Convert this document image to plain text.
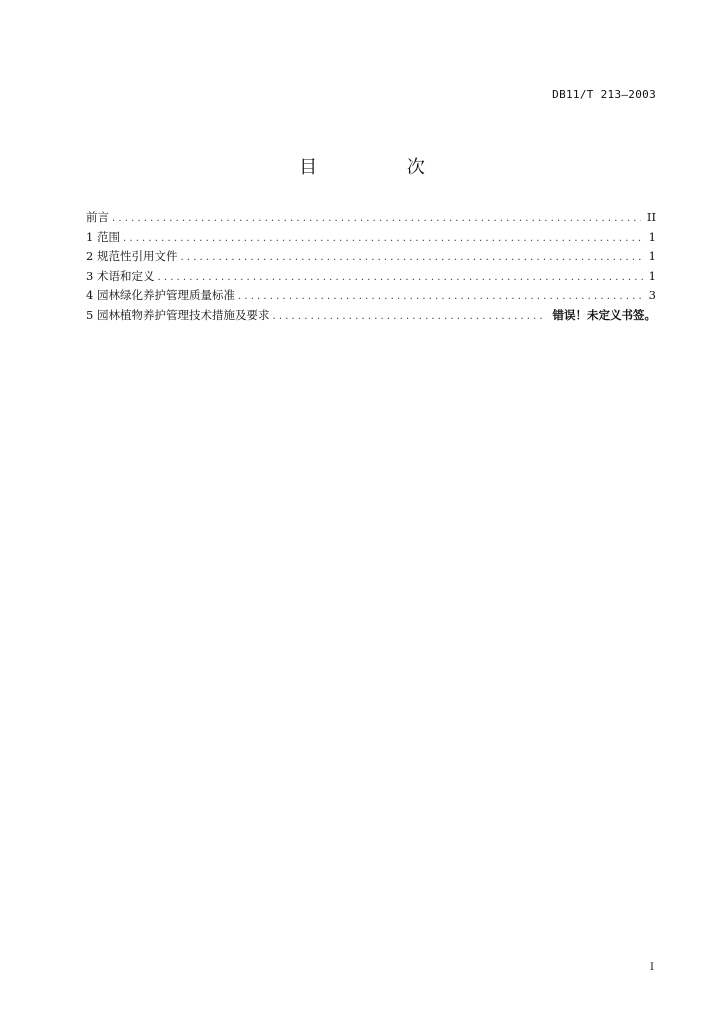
DB11/T 213—2003
目 次
前言 . . .	II
1 范围 . . .	1
2 规范性引用文件 . . .	1
3 术语和定义 . . .	1
4 园林绿化养护管理质量标准 . . .	3
5 园林植物养护管理技术措施及要求 . . .	错误！未定义书签。
I
